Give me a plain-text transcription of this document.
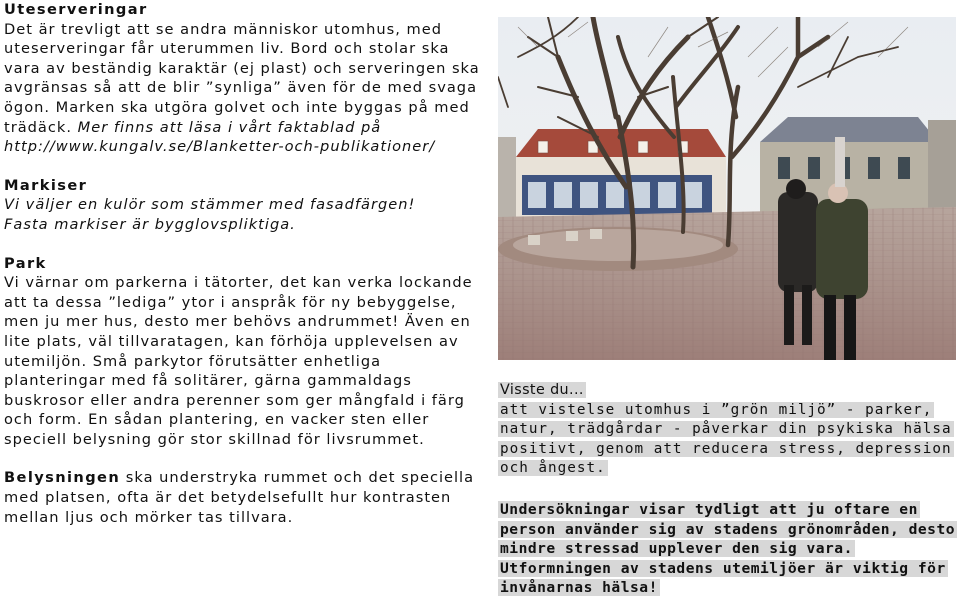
Uteserveringar
Det är trevligt att se andra människor utomhus, med uteserveringar får uterummen liv. Bord och stolar ska vara av beständig karaktär (ej plast) och serveringen ska avgränsas så att de blir ”synliga” även för de med svaga ögon. Marken ska utgöra golvet och inte byggas på med trädäck. Mer finns att läsa i vårt faktablad på http://www.kungalv.se/Blanketter-och-publikationer/
Markiser
Vi väljer en kulör som stämmer med fasadfärgen!
Fasta markiser är bygglovspliktiga.
Park
Vi värnar om parkerna i tätorter, det kan verka lockande att ta dessa ”lediga” ytor i anspråk för ny bebyggelse, men ju mer hus, desto mer behövs andrummet! Även en lite plats, väl tillvaratagen, kan förhöja upplevelsen av utemiljön. Små parkytor förutsätter enhetliga planteringar med få solitärer, gärna gammaldags buskrosor eller andra perenner som ger mångfald i färg och form. En sådan plantering, en vacker sten eller speciell belysning gör stor skillnad för livsrummet.
Belysningen ska understryka rummet och det speciella med platsen, ofta är det betydelsefullt hur kontrasten mellan ljus och mörker tas tillvara.
Visste du...
att vistelse utomhus i ”grön miljö” - parker, natur, trädgårdar - påverkar din psykiska hälsa positivt, genom att reducera stress, depression och ångest.
Undersökningar visar tydligt att ju oftare en person använder sig av stadens grönområden, desto mindre stressad upplever den sig vara. Utformningen av stadens utemiljöer är viktig för invånarnas hälsa!
